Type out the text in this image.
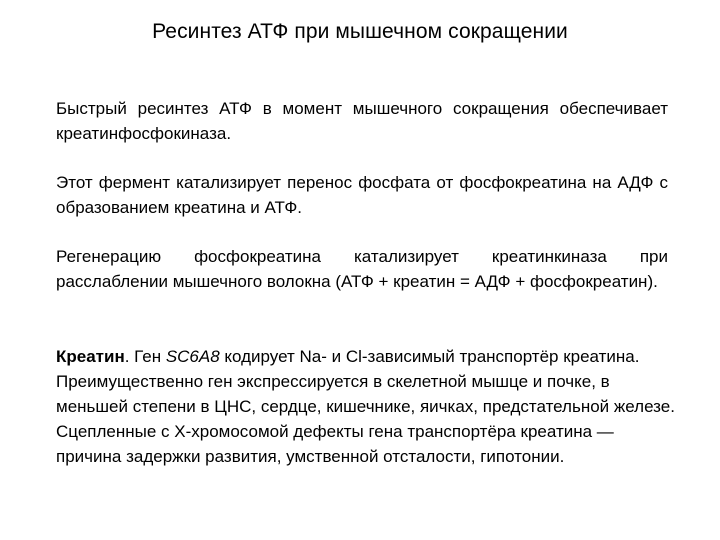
Ресинтез АТФ при мышечном сокращении

Быстрый ресинтез АТФ в момент мышечного сокращения обеспечивает креатинфосфокиназа.

Этот фермент катализирует перенос фосфата от фосфокреатина на АДФ с образованием креатина и АТФ.

Регенерацию фосфокреатина катализирует креатинкиназа при расслаблении мышечного волокна (АТФ + креатин = АДФ + фосфокреатин).

Креатин. Ген SC6A8 кодирует Na- и Cl-зависимый транспортёр креатина. Преимущественно ген экспрессируется в скелетной мышце и почке, в меньшей степени в ЦНС, сердце, кишечнике, яичках, предстательной железе. Сцепленные с X-хромосомой дефекты гена транспортёра креатина — причина задержки развития, умственной отсталости, гипотонии.
